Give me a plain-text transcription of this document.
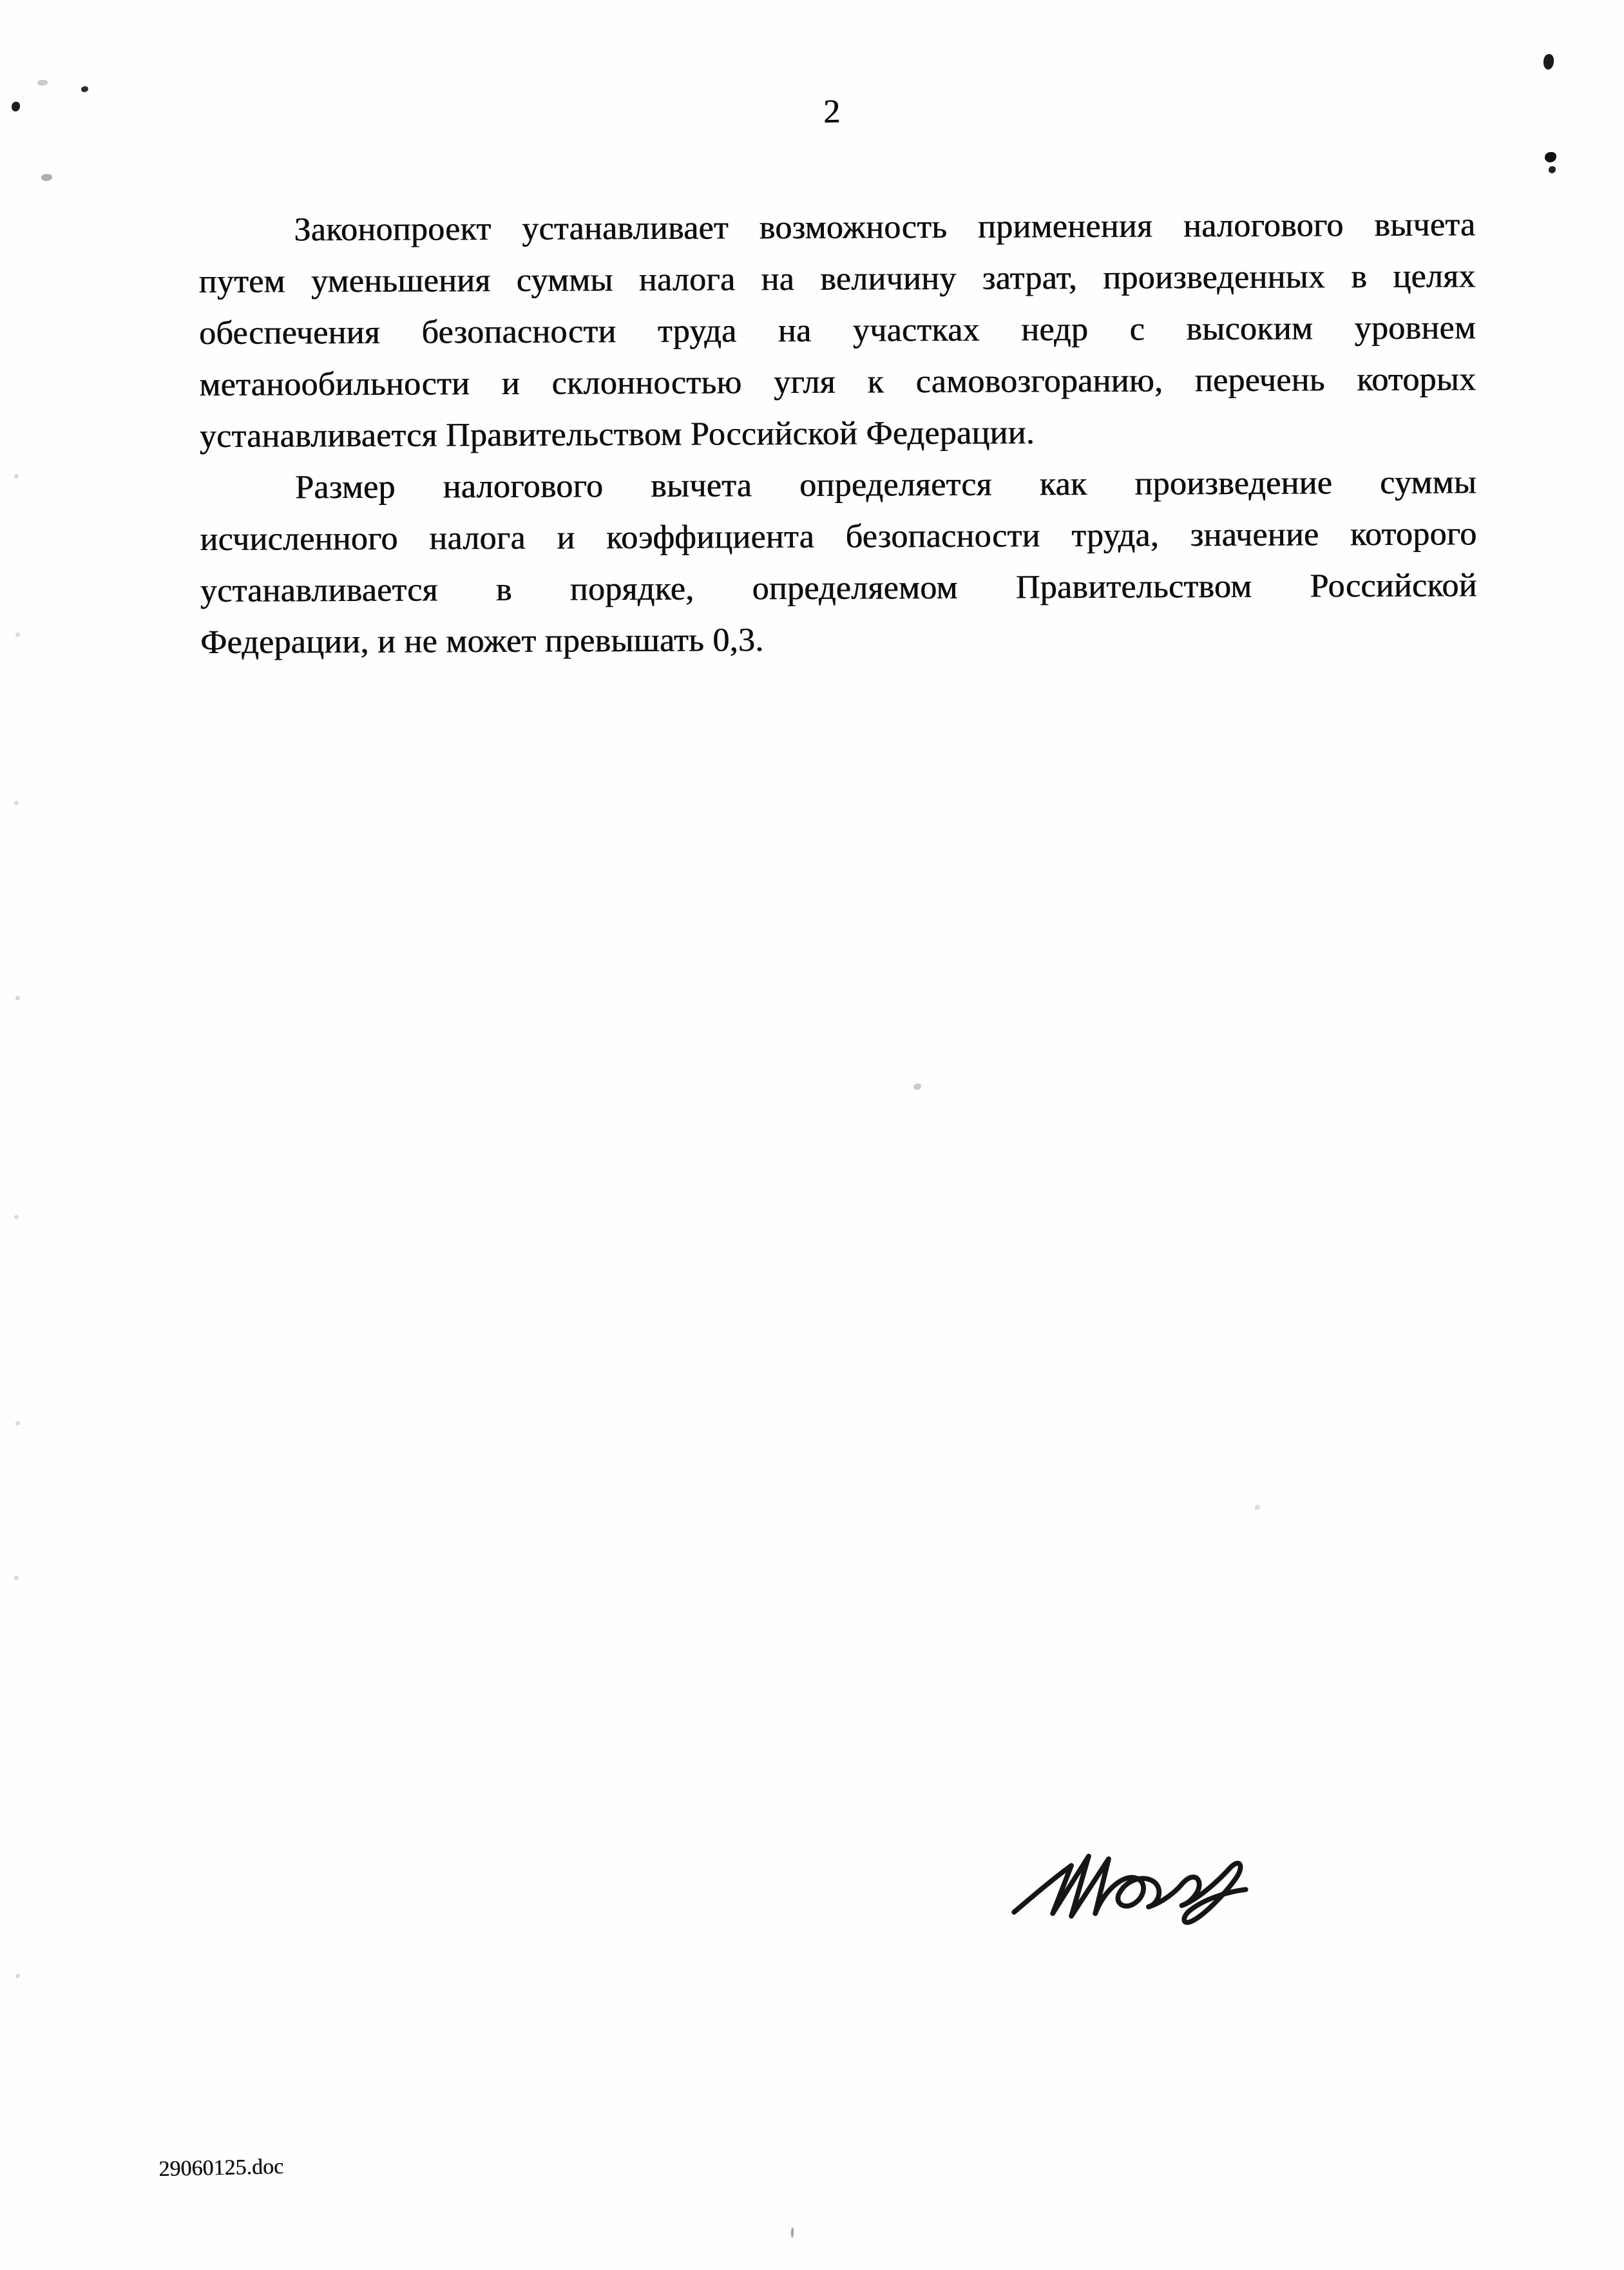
2
Законопроект устанавливает возможность применения налогового вычета
путем уменьшения суммы налога на величину затрат, произведенных в целях
обеспечения безопасности труда на участках недр с высоким уровнем
метанообильности и склонностью угля к самовозгоранию, перечень которых
устанавливается Правительством Российской Федерации.
Размер налогового вычета определяется как произведение суммы
исчисленного налога и коэффициента безопасности труда, значение которого
устанавливается в порядке, определяемом Правительством Российской
Федерации, и не может превышать 0,3.
29060125.doc
